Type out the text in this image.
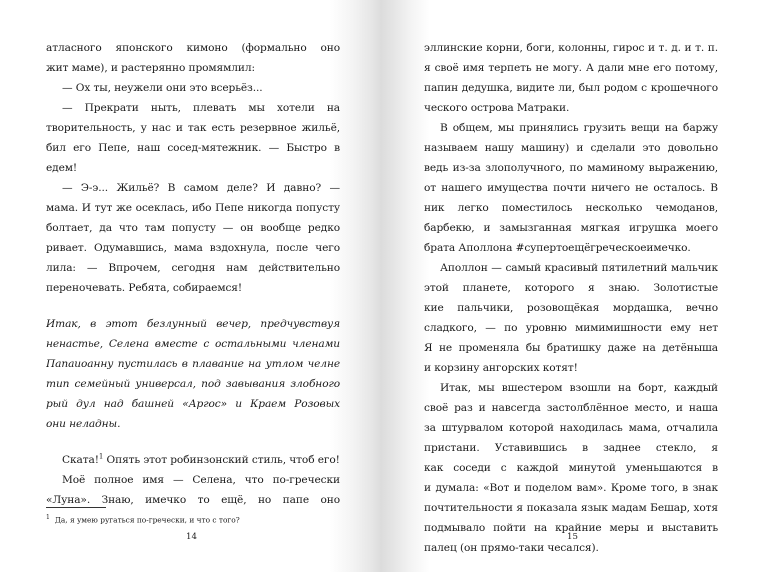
атласного японского кимоно (формально оно
жит маме), и растерянно промямлил:
— Ох ты, неужели они это всерьёз...
— Прекрати ныть, плевать мы хотели на
творительность, у нас и так есть резервное жильё,
бил его Пепе, наш сосед-мятежник. — Быстро в
едем!
— Э-э... Жильё? В самом деле? И давно? —
мама. И тут же осеклась, ибо Пепе никогда попусту
болтает, да что там попусту — он вообще редко
ривает. Одумавшись, мама вздохнула, после чего
лила: — Впрочем, сегодня нам действительно
переночевать. Ребята, собираемся!
Итак, в этот безлунный вечер, предчувствуя
ненастье, Селена вместе с остальными членами
Папаиоанну пустилась в плавание на утлом челне
тип семейный универсал, под завывания злобного
рый дул над башней «Аргос» и Краем Розовых
они неладны.
Ската!$^1$ Опять этот робинзонский стиль, чтоб его!
Моё полное имя — Селена, что по-гречески
«Луна». Знаю, имечко то ещё, но папе оно
$^1$ Да, я умею ругаться по-гречески, и что с того?
14
эллинские корни, боги, колонны, гирос и т. д. и т. п.
я своё имя терпеть не могу. А дали мне его потому,
папин дедушка, видите ли, был родом с крошечного
ческого острова Матраки.
В общем, мы принялись грузить вещи на баржу
называем нашу машину) и сделали это довольно
ведь из-за злополучного, по маминому выражению,
от нашего имущества почти ничего не осталось. В
ник легко поместилось несколько чемоданов,
барбекю, и замызганная мягкая игрушка моего
брата Аполлона #супертоещёгреческоеимечко.
Аполлон — самый красивый пятилетний мальчик
этой планете, которого я знаю. Золотистые
кие пальчики, розовощёкая мордашка, вечно
сладкого, — по уровню мимимишности ему нет
Я не променяла бы братишку даже на детёныша
и корзину ангорских котят!
Итак, мы вшестером взошли на борт, каждый
своё раз и навсегда застолблённое место, и наша
за штурвалом которой находилась мама, отчалила
пристани. Уставившись в заднее стекло, я
как соседи с каждой минутой уменьшаются в
и думала: «Вот и поделом вам». Кроме того, в знак
почтительности я показала язык мадам Бешар, хотя
подмывало пойти на крайние меры и выставить
палец (он прямо-таки чесался).
15
